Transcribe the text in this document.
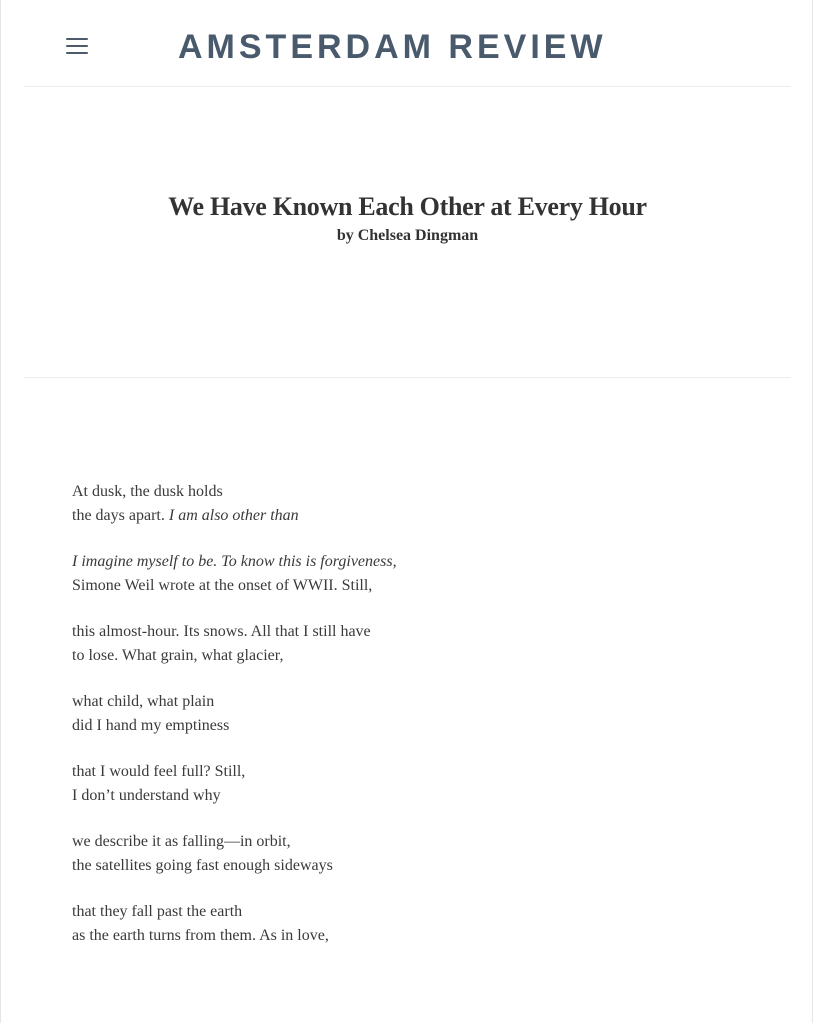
AMSTERDAM REVIEW
We Have Known Each Other at Every Hour
by Chelsea Dingman
At dusk, the dusk holds
the days apart. I am also other than
I imagine myself to be. To know this is forgiveness,
Simone Weil wrote at the onset of WWII. Still,
this almost-hour. Its snows. All that I still have
to lose. What grain, what glacier,
what child, what plain
did I hand my emptiness
that I would feel full? Still,
I don’t understand why
we describe it as falling—in orbit,
the satellites going fast enough sideways
that they fall past the earth
as the earth turns from them. As in love,
